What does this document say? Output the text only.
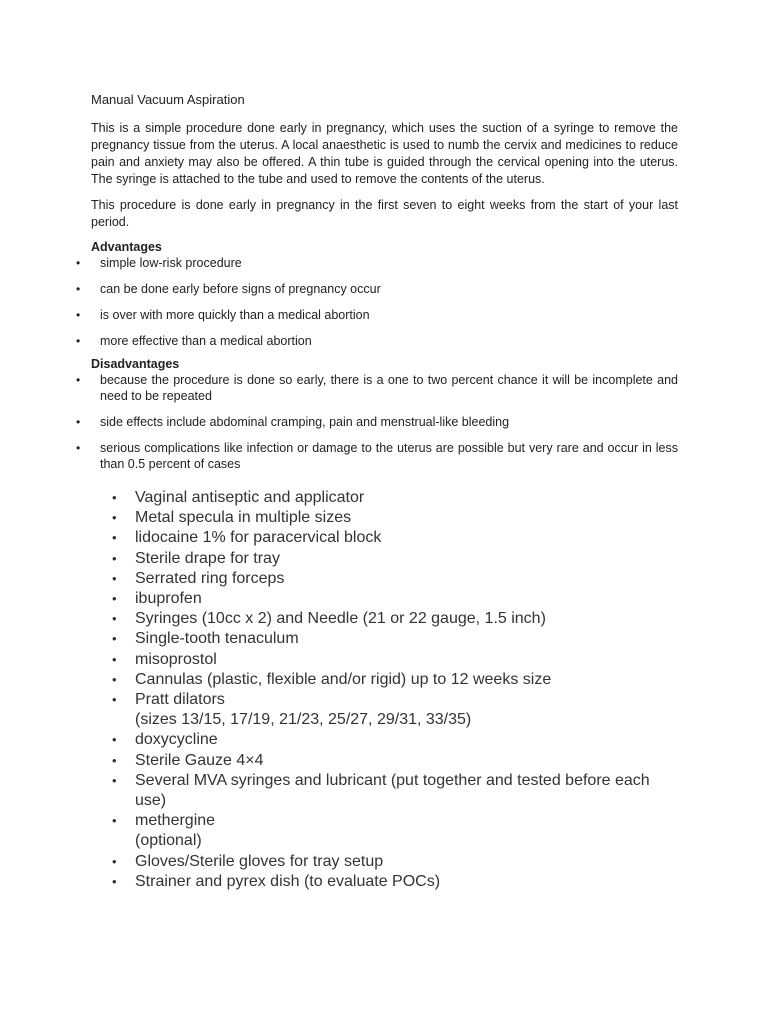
Manual Vacuum Aspiration

This is a simple procedure done early in pregnancy, which uses the suction of a syringe to remove the pregnancy tissue from the uterus. A local anaesthetic is used to numb the cervix and medicines to reduce pain and anxiety may also be offered. A thin tube is guided through the cervical opening into the uterus. The syringe is attached to the tube and used to remove the contents of the uterus.

This procedure is done early in pregnancy in the first seven to eight weeks from the start of your last period.

Advantages
• simple low-risk procedure
• can be done early before signs of pregnancy occur
• is over with more quickly than a medical abortion
• more effective than a medical abortion
Disadvantages
• because the procedure is done so early, there is a one to two percent chance it will be incomplete and need to be repeated
• side effects include abdominal cramping, pain and menstrual-like bleeding
• serious complications like infection or damage to the uterus are possible but very rare and occur in less than 0.5 percent of cases
• Vaginal antiseptic and applicator
• Metal specula in multiple sizes
• lidocaine 1% for paracervical block
• Sterile drape for tray
• Serrated ring forceps
• ibuprofen
• Syringes (10cc x 2) and Needle (21 or 22 gauge, 1.5 inch)
• Single-tooth tenaculum
• misoprostol
• Cannulas (plastic, flexible and/or rigid) up to 12 weeks size
• Pratt dilators
(sizes 13/15, 17/19, 21/23, 25/27, 29/31, 33/35)
• doxycycline
• Sterile Gauze 4×4
• Several MVA syringes and lubricant (put together and tested before each use)
• methergine
(optional)
• Gloves/Sterile gloves for tray setup
• Strainer and pyrex dish (to evaluate POCs)
